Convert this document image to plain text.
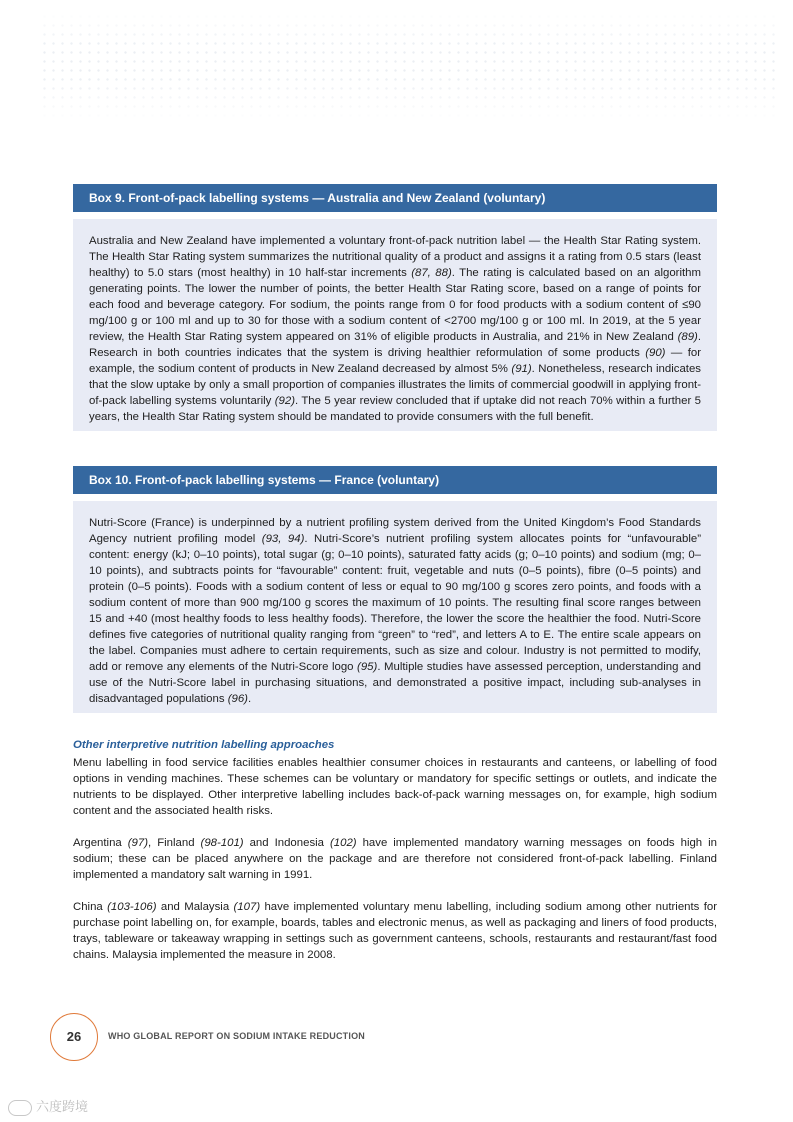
Box 9. Front-of-pack labelling systems — Australia and New Zealand (voluntary)

Australia and New Zealand have implemented a voluntary front-of-pack nutrition label — the Health Star Rating system. The Health Star Rating system summarizes the nutritional quality of a product and assigns it a rating from 0.5 stars (least healthy) to 5.0 stars (most healthy) in 10 half-star increments (87, 88). The rating is calculated based on an algorithm generating points. The lower the number of points, the better Health Star Rating score, based on a range of points for each food and beverage category. For sodium, the points range from 0 for food products with a sodium content of ≤90 mg/100 g or 100 ml and up to 30 for those with a sodium content of <2700 mg/100 g or 100 ml. In 2019, at the 5 year review, the Health Star Rating system appeared on 31% of eligible products in Australia, and 21% in New Zealand (89). Research in both countries indicates that the system is driving healthier reformulation of some products (90) — for example, the sodium content of products in New Zealand decreased by almost 5% (91). Nonetheless, research indicates that the slow uptake by only a small proportion of companies illustrates the limits of commercial goodwill in applying front-of-pack labelling systems voluntarily (92). The 5 year review concluded that if uptake did not reach 70% within a further 5 years, the Health Star Rating system should be mandated to provide consumers with the full benefit.

Box 10. Front-of-pack labelling systems — France (voluntary)

Nutri-Score (France) is underpinned by a nutrient profiling system derived from the United Kingdom’s Food Standards Agency nutrient profiling model (93, 94). Nutri-Score’s nutrient profiling system allocates points for “unfavourable” content: energy (kJ; 0–10 points), total sugar (g; 0–10 points), saturated fatty acids (g; 0–10 points) and sodium (mg; 0–10 points), and subtracts points for “favourable” content: fruit, vegetable and nuts (0–5 points), fibre (0–5 points) and protein (0–5 points). Foods with a sodium content of less or equal to 90 mg/100 g scores zero points, and foods with a sodium content of more than 900 mg/100 g scores the maximum of 10 points. The resulting final score ranges between 15 and +40 (most healthy foods to less healthy foods). Therefore, the lower the score the healthier the food. Nutri-Score defines five categories of nutritional quality ranging from “green” to “red”, and letters A to E. The entire scale appears on the label. Companies must adhere to certain requirements, such as size and colour. Industry is not permitted to modify, add or remove any elements of the Nutri-Score logo (95). Multiple studies have assessed perception, understanding and use of the Nutri-Score label in purchasing situations, and demonstrated a positive impact, including sub-analyses in disadvantaged populations (96).

Other interpretive nutrition labelling approaches

Menu labelling in food service facilities enables healthier consumer choices in restaurants and canteens, or labelling of food options in vending machines. These schemes can be voluntary or mandatory for specific settings or outlets, and indicate the nutrients to be displayed. Other interpretive labelling includes back-of-pack warning messages on, for example, high sodium content and the associated health risks.

Argentina (97), Finland (98-101) and Indonesia (102) have implemented mandatory warning messages on foods high in sodium; these can be placed anywhere on the package and are therefore not considered front-of-pack labelling. Finland implemented a mandatory salt warning in 1991.

China (103-106) and Malaysia (107) have implemented voluntary menu labelling, including sodium among other nutrients for purchase point labelling on, for example, boards, tables and electronic menus, as well as packaging and liners of food products, trays, tableware or takeaway wrapping in settings such as government canteens, schools, restaurants and restaurant/fast food chains. Malaysia implemented the measure in 2008.

26	WHO GLOBAL REPORT ON SODIUM INTAKE REDUCTION
六度跨境
